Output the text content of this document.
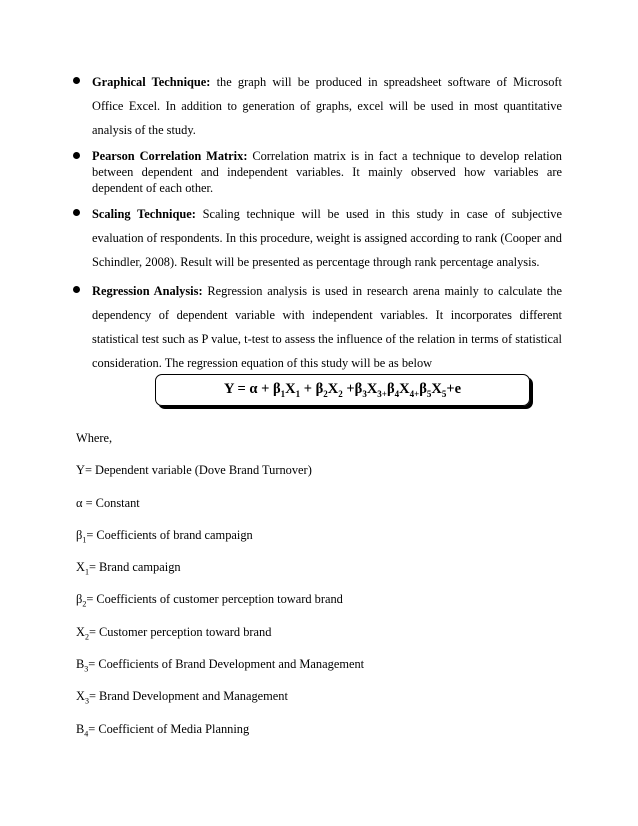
Graphical Technique: the graph will be produced in spreadsheet software of Microsoft Office Excel. In addition to generation of graphs, excel will be used in most quantitative analysis of the study.
Pearson Correlation Matrix: Correlation matrix is in fact a technique to develop relation between dependent and independent variables. It mainly observed how variables are dependent of each other.
Scaling Technique: Scaling technique will be used in this study in case of subjective evaluation of respondents. In this procedure, weight is assigned according to rank (Cooper and Schindler, 2008). Result will be presented as percentage through rank percentage analysis.
Regression Analysis: Regression analysis is used in research arena mainly to calculate the dependency of dependent variable with independent variables. It incorporates different statistical test such as P value, t-test to assess the influence of the relation in terms of statistical consideration. The regression equation of this study will be as below
$Y = \alpha + \beta_1X_1 + \beta_2X_2 +\beta_3X_{3+}\beta_4X_{4+}\beta_5X_5+e$
Where,
Y= Dependent variable (Dove Brand Turnover)
α = Constant
$\beta_1=$ Coefficients of brand campaign
$X_1=$ Brand campaign
$\beta_2=$ Coefficients of customer perception toward brand
$X_2=$ Customer perception toward brand
$B_3=$ Coefficients of Brand Development and Management
$X_3=$ Brand Development and Management
$B_4=$ Coefficient of Media Planning
